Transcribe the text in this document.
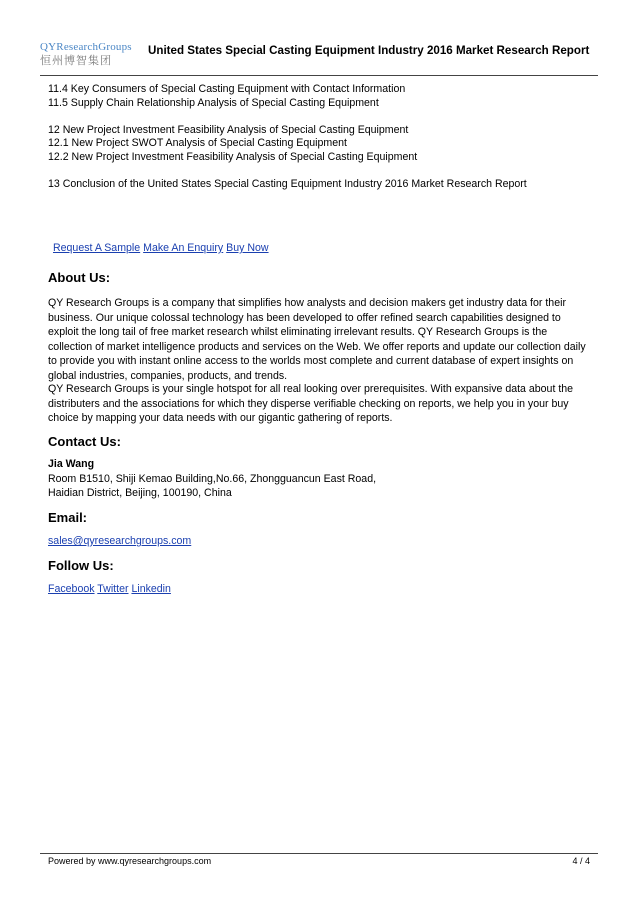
QYResearchGroups
恒州博智集团
United States Special Casting Equipment Industry 2016 Market Research Report
11.4 Key Consumers of Special Casting Equipment with Contact Information
11.5 Supply Chain Relationship Analysis of Special Casting Equipment
12 New Project Investment Feasibility Analysis of Special Casting Equipment
12.1 New Project SWOT Analysis of Special Casting Equipment
12.2 New Project Investment Feasibility Analysis of Special Casting Equipment
13 Conclusion of the United States Special Casting Equipment Industry 2016 Market Research Report
Request A Sample Make An Enquiry Buy Now
About Us:
QY Research Groups is a company that simplifies how analysts and decision makers get industry data for their business. Our unique colossal technology has been developed to offer refined search capabilities designed to exploit the long tail of free market research whilst eliminating irrelevant results. QY Research Groups is the collection of market intelligence products and services on the Web. We offer reports and update our collection daily to provide you with instant online access to the worlds most complete and current database of expert insights on global industries, companies, products, and trends.
QY Research Groups is your single hotspot for all real looking over prerequisites. With expansive data about the distributers and the associations for which they disperse verifiable checking on reports, we help you in your buy choice by mapping your data needs with our gigantic gathering of reports.
Contact Us:
Jia Wang
Room B1510, Shiji Kemao Building,No.66, Zhongguancun East Road,
Haidian District, Beijing, 100190, China
Email:
sales@qyresearchgroups.com
Follow Us:
Facebook Twitter Linkedin
Powered by www.qyresearchgroups.com	4 / 4
